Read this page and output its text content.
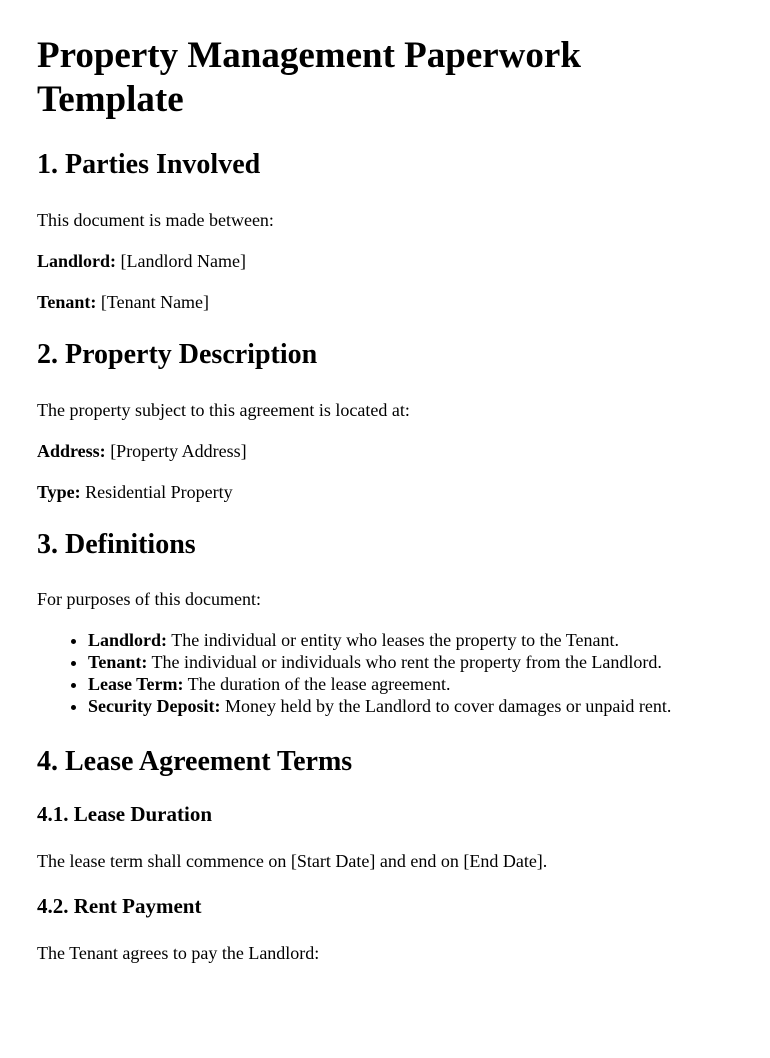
Property Management Paperwork Template
1. Parties Involved

This document is made between:

Landlord: [Landlord Name]

Tenant: [Tenant Name]

2. Property Description

The property subject to this agreement is located at:

Address: [Property Address]

Type: Residential Property

3. Definitions

For purposes of this document:

• Landlord: The individual or entity who leases the property to the Tenant.
• Tenant: The individual or individuals who rent the property from the Landlord.
• Lease Term: The duration of the lease agreement.
• Security Deposit: Money held by the Landlord to cover damages or unpaid rent.
4. Lease Agreement Terms
4.1. Lease Duration

The lease term shall commence on [Start Date] and end on [End Date].

4.2. Rent Payment

The Tenant agrees to pay the Landlord:
